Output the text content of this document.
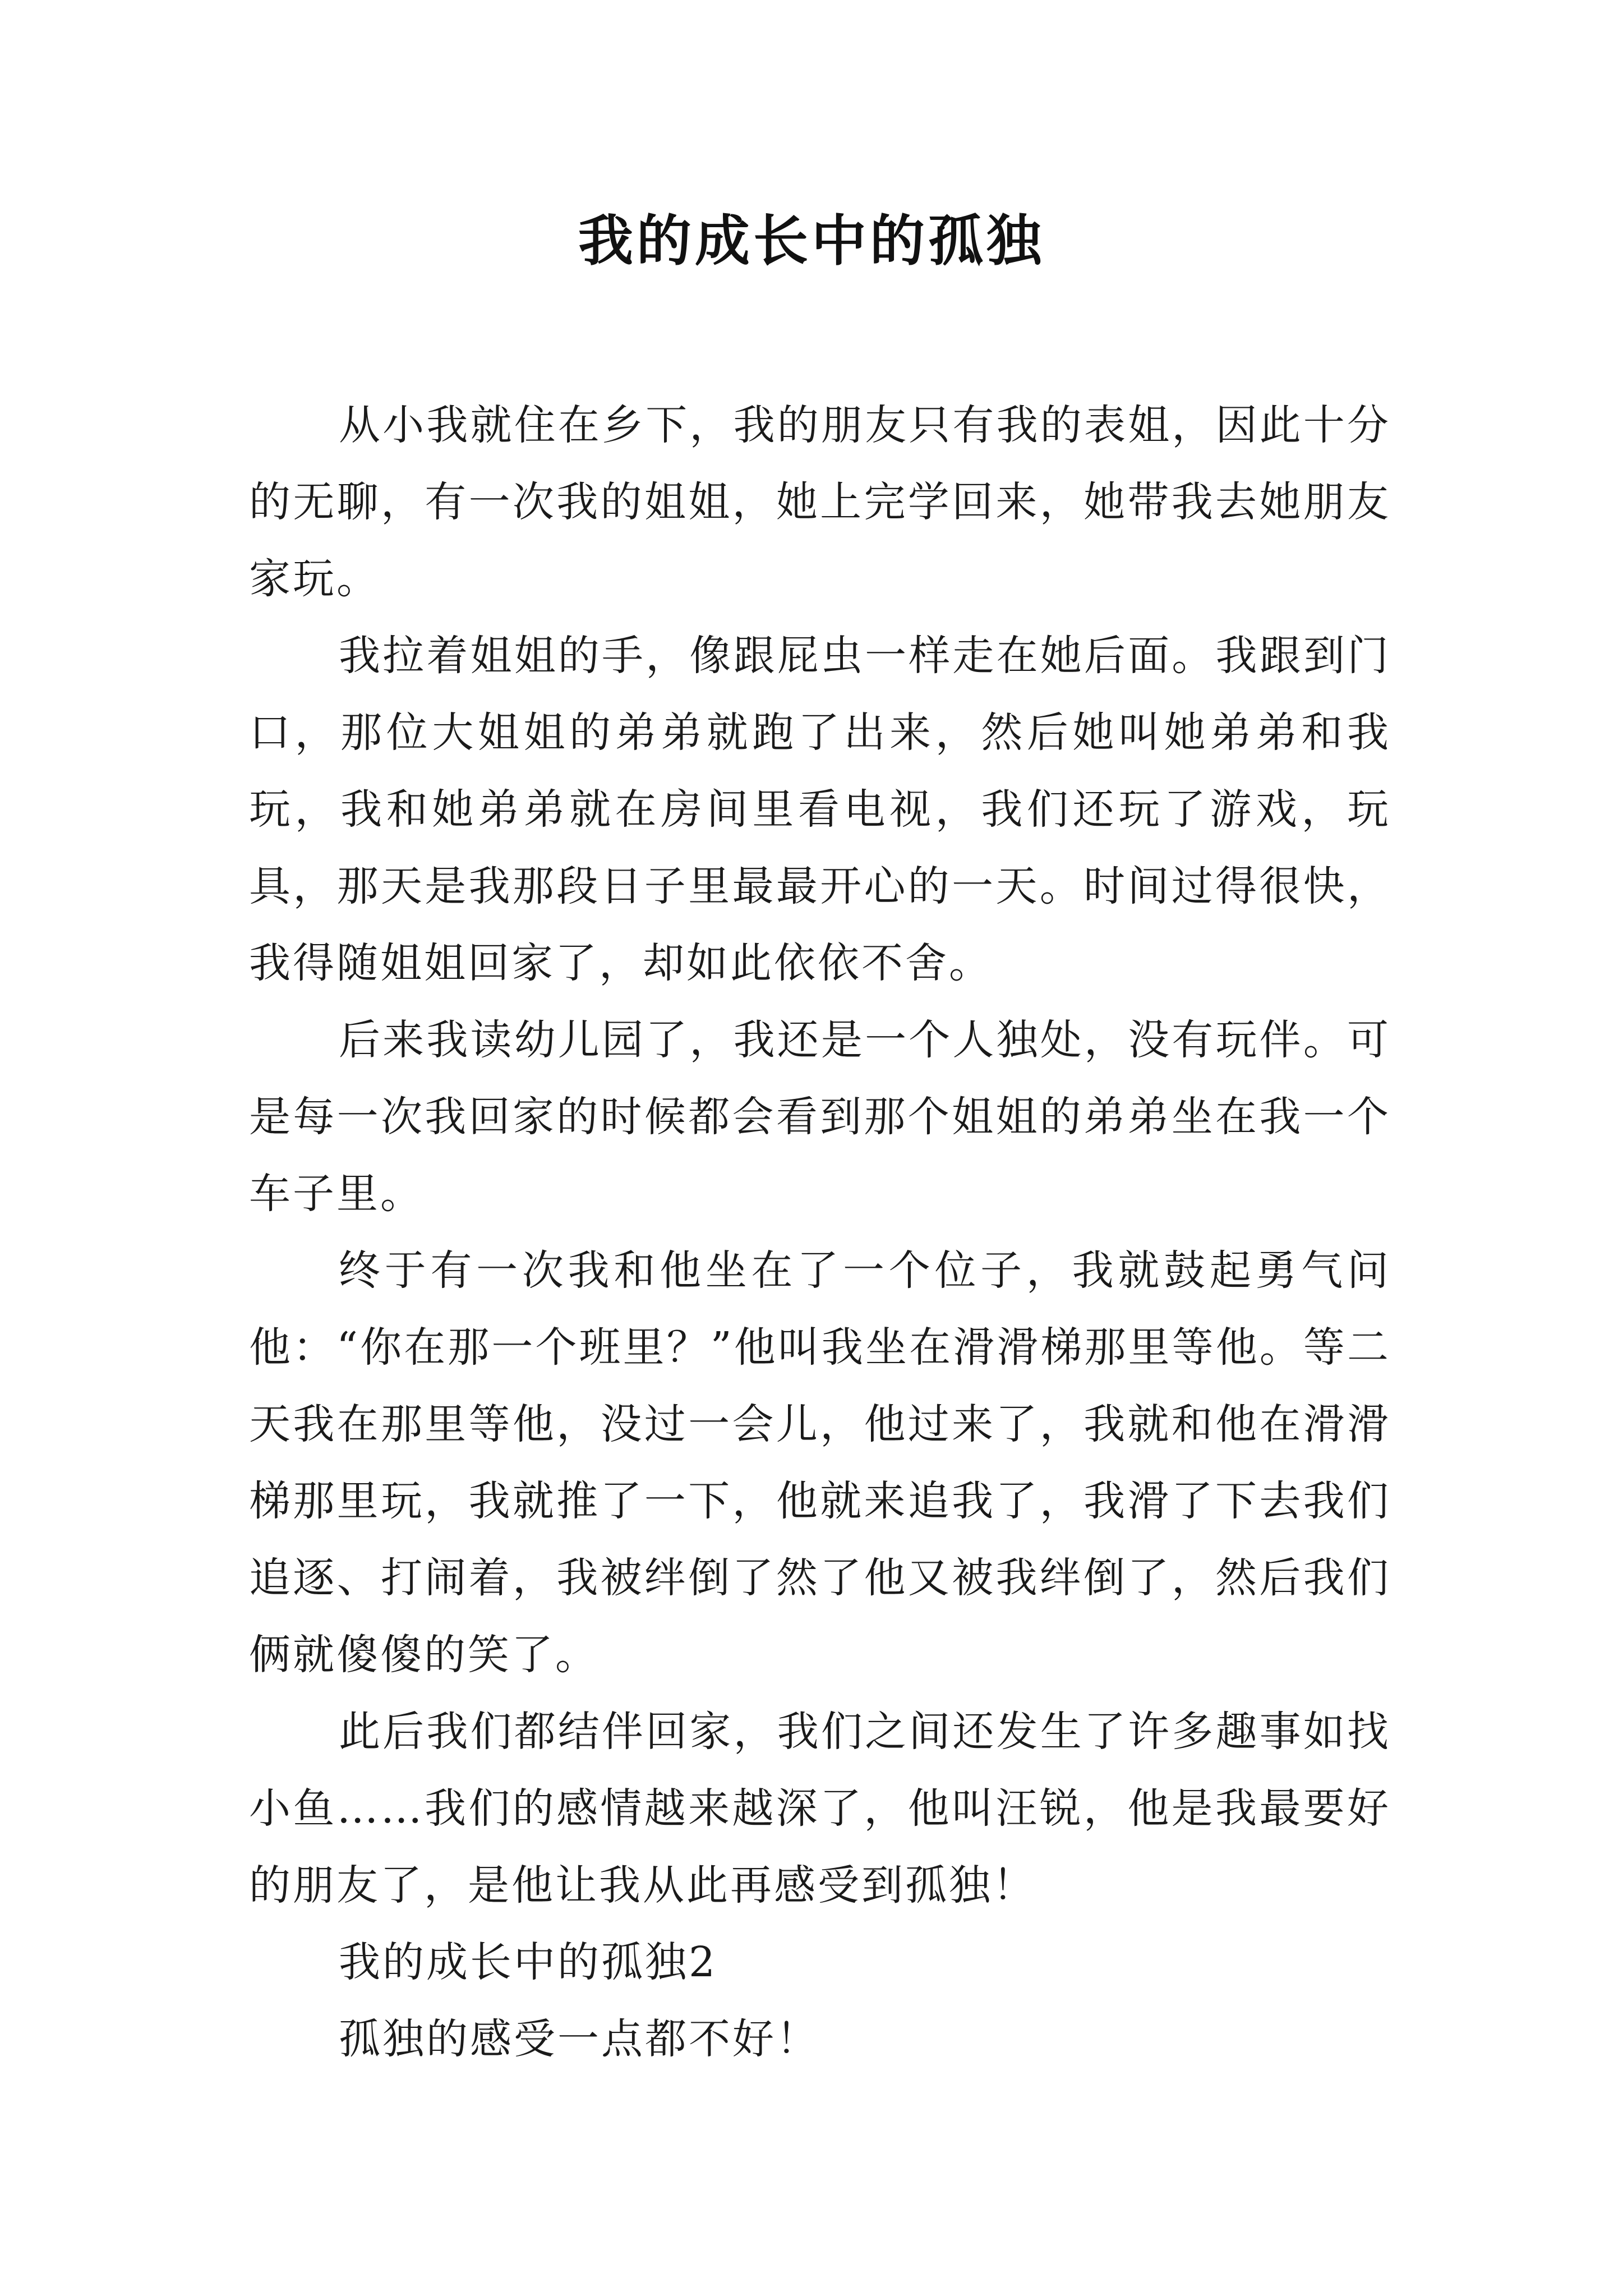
我的成长中的孤独

从小我就住在乡下，我的朋友只有我的表姐，因此十分的无聊，有一次我的姐姐，她上完学回来，她带我去她朋友家玩。

我拉着姐姐的手，像跟屁虫一样走在她后面。我跟到门口，那位大姐姐的弟弟就跑了出来，然后她叫她弟弟和我玩，我和她弟弟就在房间里看电视，我们还玩了游戏，玩具，那天是我那段日子里最最开心的一天。时间过得很快，我得随姐姐回家了，却如此依依不舍。

后来我读幼儿园了，我还是一个人独处，没有玩伴。可是每一次我回家的时候都会看到那个姐姐的弟弟坐在我一个车子里。

终于有一次我和他坐在了一个位子，我就鼓起勇气问他：“你在那一个班里？”他叫我坐在滑滑梯那里等他。等二天我在那里等他，没过一会儿，他过来了，我就和他在滑滑梯那里玩，我就推了一下，他就来追我了，我滑了下去我们追逐、打闹着，我被绊倒了然了他又被我绊倒了，然后我们俩就傻傻的笑了。

此后我们都结伴回家，我们之间还发生了许多趣事如找小鱼……我们的感情越来越深了，他叫汪锐，他是我最要好的朋友了，是他让我从此再感受到孤独！

我的成长中的孤独2

孤独的感受一点都不好！
